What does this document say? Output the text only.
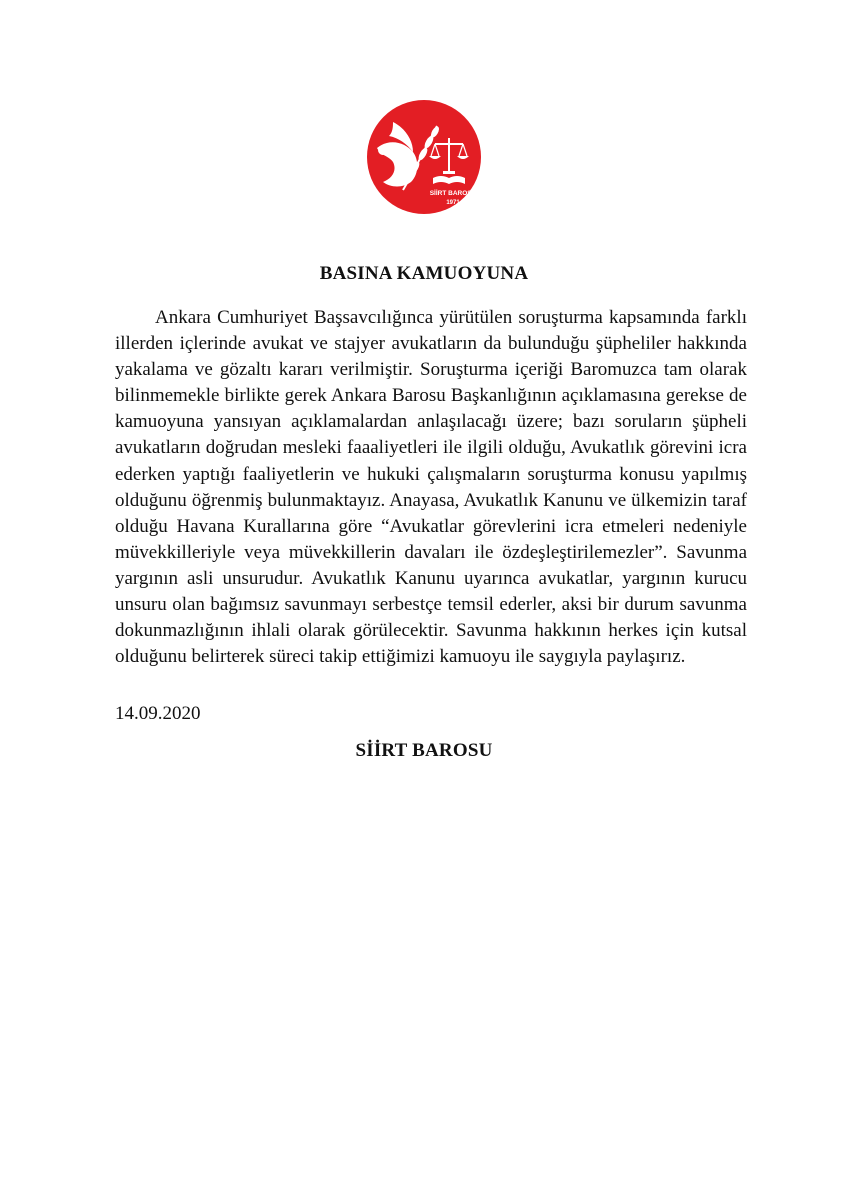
SİİRT BAROSU
1971
BASINA KAMUOYUNA

Ankara Cumhuriyet Başsavcılığınca yürütülen soruşturma kapsamında farklı illerden içlerinde avukat ve stajyer avukatların da bulunduğu şüpheliler hakkında yakalama ve gözaltı kararı verilmiştir. Soruşturma içeriği Baromuzca tam olarak bilinmemekle birlikte gerek Ankara Barosu Başkanlığının açıklamasına gerekse de kamuoyuna yansıyan açıklamalardan anlaşılacağı üzere; bazı soruların şüpheli avukatların doğrudan mesleki faaaliyetleri ile ilgili olduğu, Avukatlık görevini icra ederken yaptığı faaliyetlerin ve hukuki çalışmaların soruşturma konusu yapılmış olduğunu öğrenmiş bulunmaktayız. Anayasa, Avukatlık Kanunu ve ülkemizin taraf olduğu Havana Kurallarına göre “Avukatlar görevlerini icra etmeleri nedeniyle müvekkilleriyle veya müvekkillerin davaları ile özdeşleştirilemezler”. Savunma yargının asli unsurudur. Avukatlık Kanunu uyarınca avukatlar, yargının kurucu unsuru olan bağımsız savunmayı serbestçe temsil ederler, aksi bir durum savunma dokunmazlığının ihlali olarak görülecektir. Savunma hakkının herkes için kutsal olduğunu belirterek süreci takip ettiğimizi kamuoyu ile saygıyla paylaşırız.

14.09.2020
SİİRT BAROSU
